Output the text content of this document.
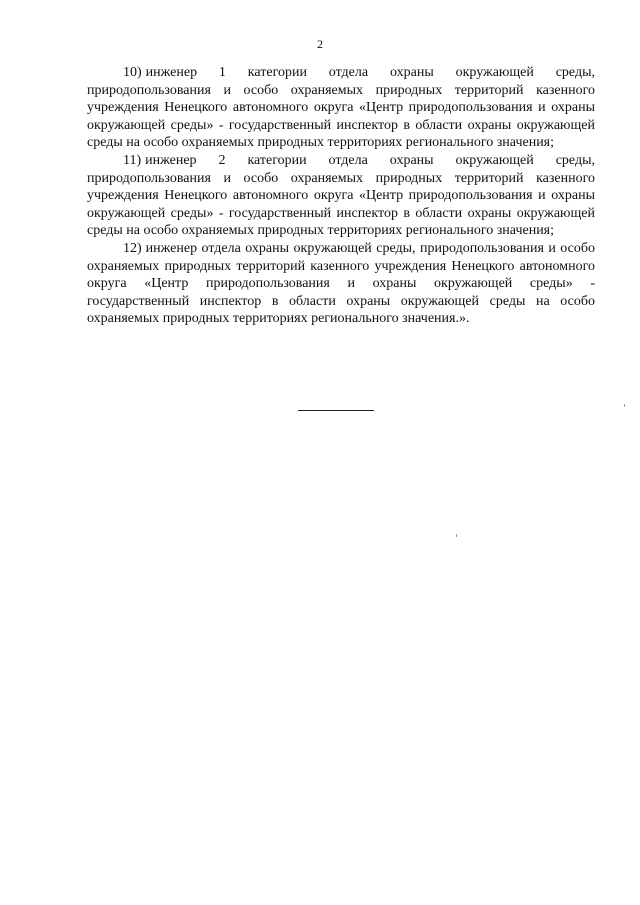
2

10) инженер 1 категории отдела охраны окружающей среды, природопользования и особо охраняемых природных территорий казенного учреждения Ненецкого автономного округа «Центр природопользования и охраны окружающей среды» - государственный инспектор в области охраны окружающей среды на особо охраняемых природных территориях регионального значения;

11) инженер 2 категории отдела охраны окружающей среды, природопользования и особо охраняемых природных территорий казенного учреждения Ненецкого автономного округа «Центр природопользования и охраны окружающей среды» - государственный инспектор в области охраны окружающей среды на особо охраняемых природных территориях регионального значения;

12) инженер отдела охраны окружающей среды, природопользования и особо охраняемых природных территорий казенного учреждения Ненецкого автономного округа «Центр природопользования и охраны окружающей среды» - государственный инспектор в области охраны окружающей среды на особо охраняемых природных территориях регионального значения.».
